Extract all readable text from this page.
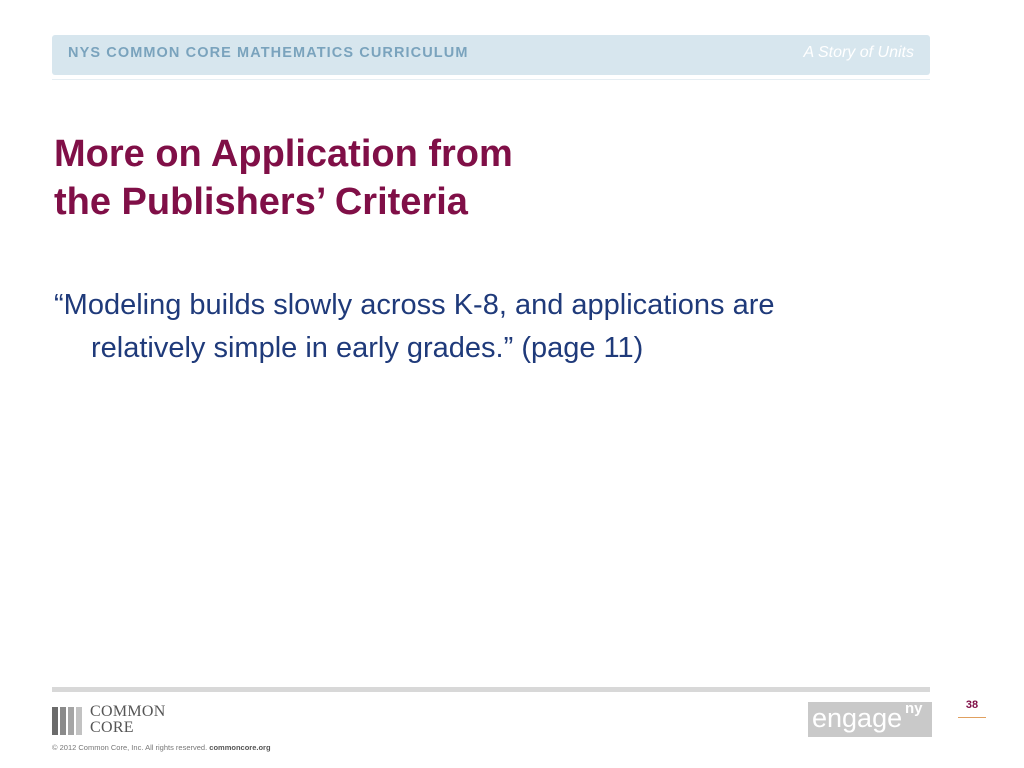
NYS COMMON CORE MATHEMATICS CURRICULUM	A Story of Units
More on Application from
the Publishers’ Criteria
“Modeling builds slowly across K-8, and applications are
relatively simple in early grades.” (page 11)
COMMON
CORE
© 2012 Common Core, Inc. All rights reserved. commoncore.org
engage ny	38
